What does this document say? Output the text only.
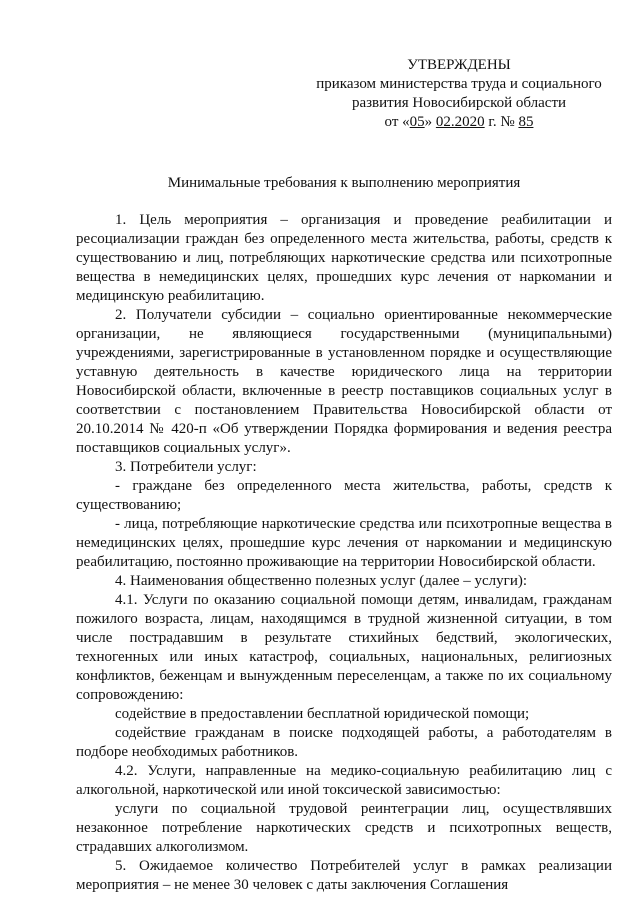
УТВЕРЖДЕНЫ
приказом министерства труда и социального
развития Новосибирской области
от «05» 02.2020 г. № 85
Минимальные требования к выполнению мероприятия

1. Цель мероприятия – организация и проведение реабилитации и ресоциализации граждан без определенного места жительства, работы, средств к существованию и лиц, потребляющих наркотические средства или психотропные вещества в немедицинских целях, прошедших курс лечения от наркомании и медицинскую реабилитацию.

2. Получатели субсидии – социально ориентированные некоммерческие организации, не являющиеся государственными (муниципальными) учреждениями, зарегистрированные в установленном порядке и осуществляющие уставную деятельность в качестве юридического лица на территории Новосибирской области, включенные в реестр поставщиков социальных услуг в соответствии с постановлением Правительства Новосибирской области от 20.10.2014 № 420-п «Об утверждении Порядка формирования и ведения реестра поставщиков социальных услуг».

3. Потребители услуг:

- граждане без определенного места жительства, работы, средств к существованию;

- лица, потребляющие наркотические средства или психотропные вещества в немедицинских целях, прошедшие курс лечения от наркомании и медицинскую реабилитацию, постоянно проживающие на территории Новосибирской области.

4. Наименования общественно полезных услуг (далее – услуги):

4.1. Услуги по оказанию социальной помощи детям, инвалидам, гражданам пожилого возраста, лицам, находящимся в трудной жизненной ситуации, в том числе пострадавшим в результате стихийных бедствий, экологических, техногенных или иных катастроф, социальных, национальных, религиозных конфликтов, беженцам и вынужденным переселенцам, а также по их социальному сопровождению:

содействие в предоставлении бесплатной юридической помощи;

содействие гражданам в поиске подходящей работы, а работодателям в подборе необходимых работников.

4.2. Услуги, направленные на медико-социальную реабилитацию лиц с алкогольной, наркотической или иной токсической зависимостью:

услуги по социальной трудовой реинтеграции лиц, осуществлявших незаконное потребление наркотических средств и психотропных веществ, страдавших алкоголизмом.

5. Ожидаемое количество Потребителей услуг в рамках реализации мероприятия – не менее 30 человек с даты заключения Соглашения
